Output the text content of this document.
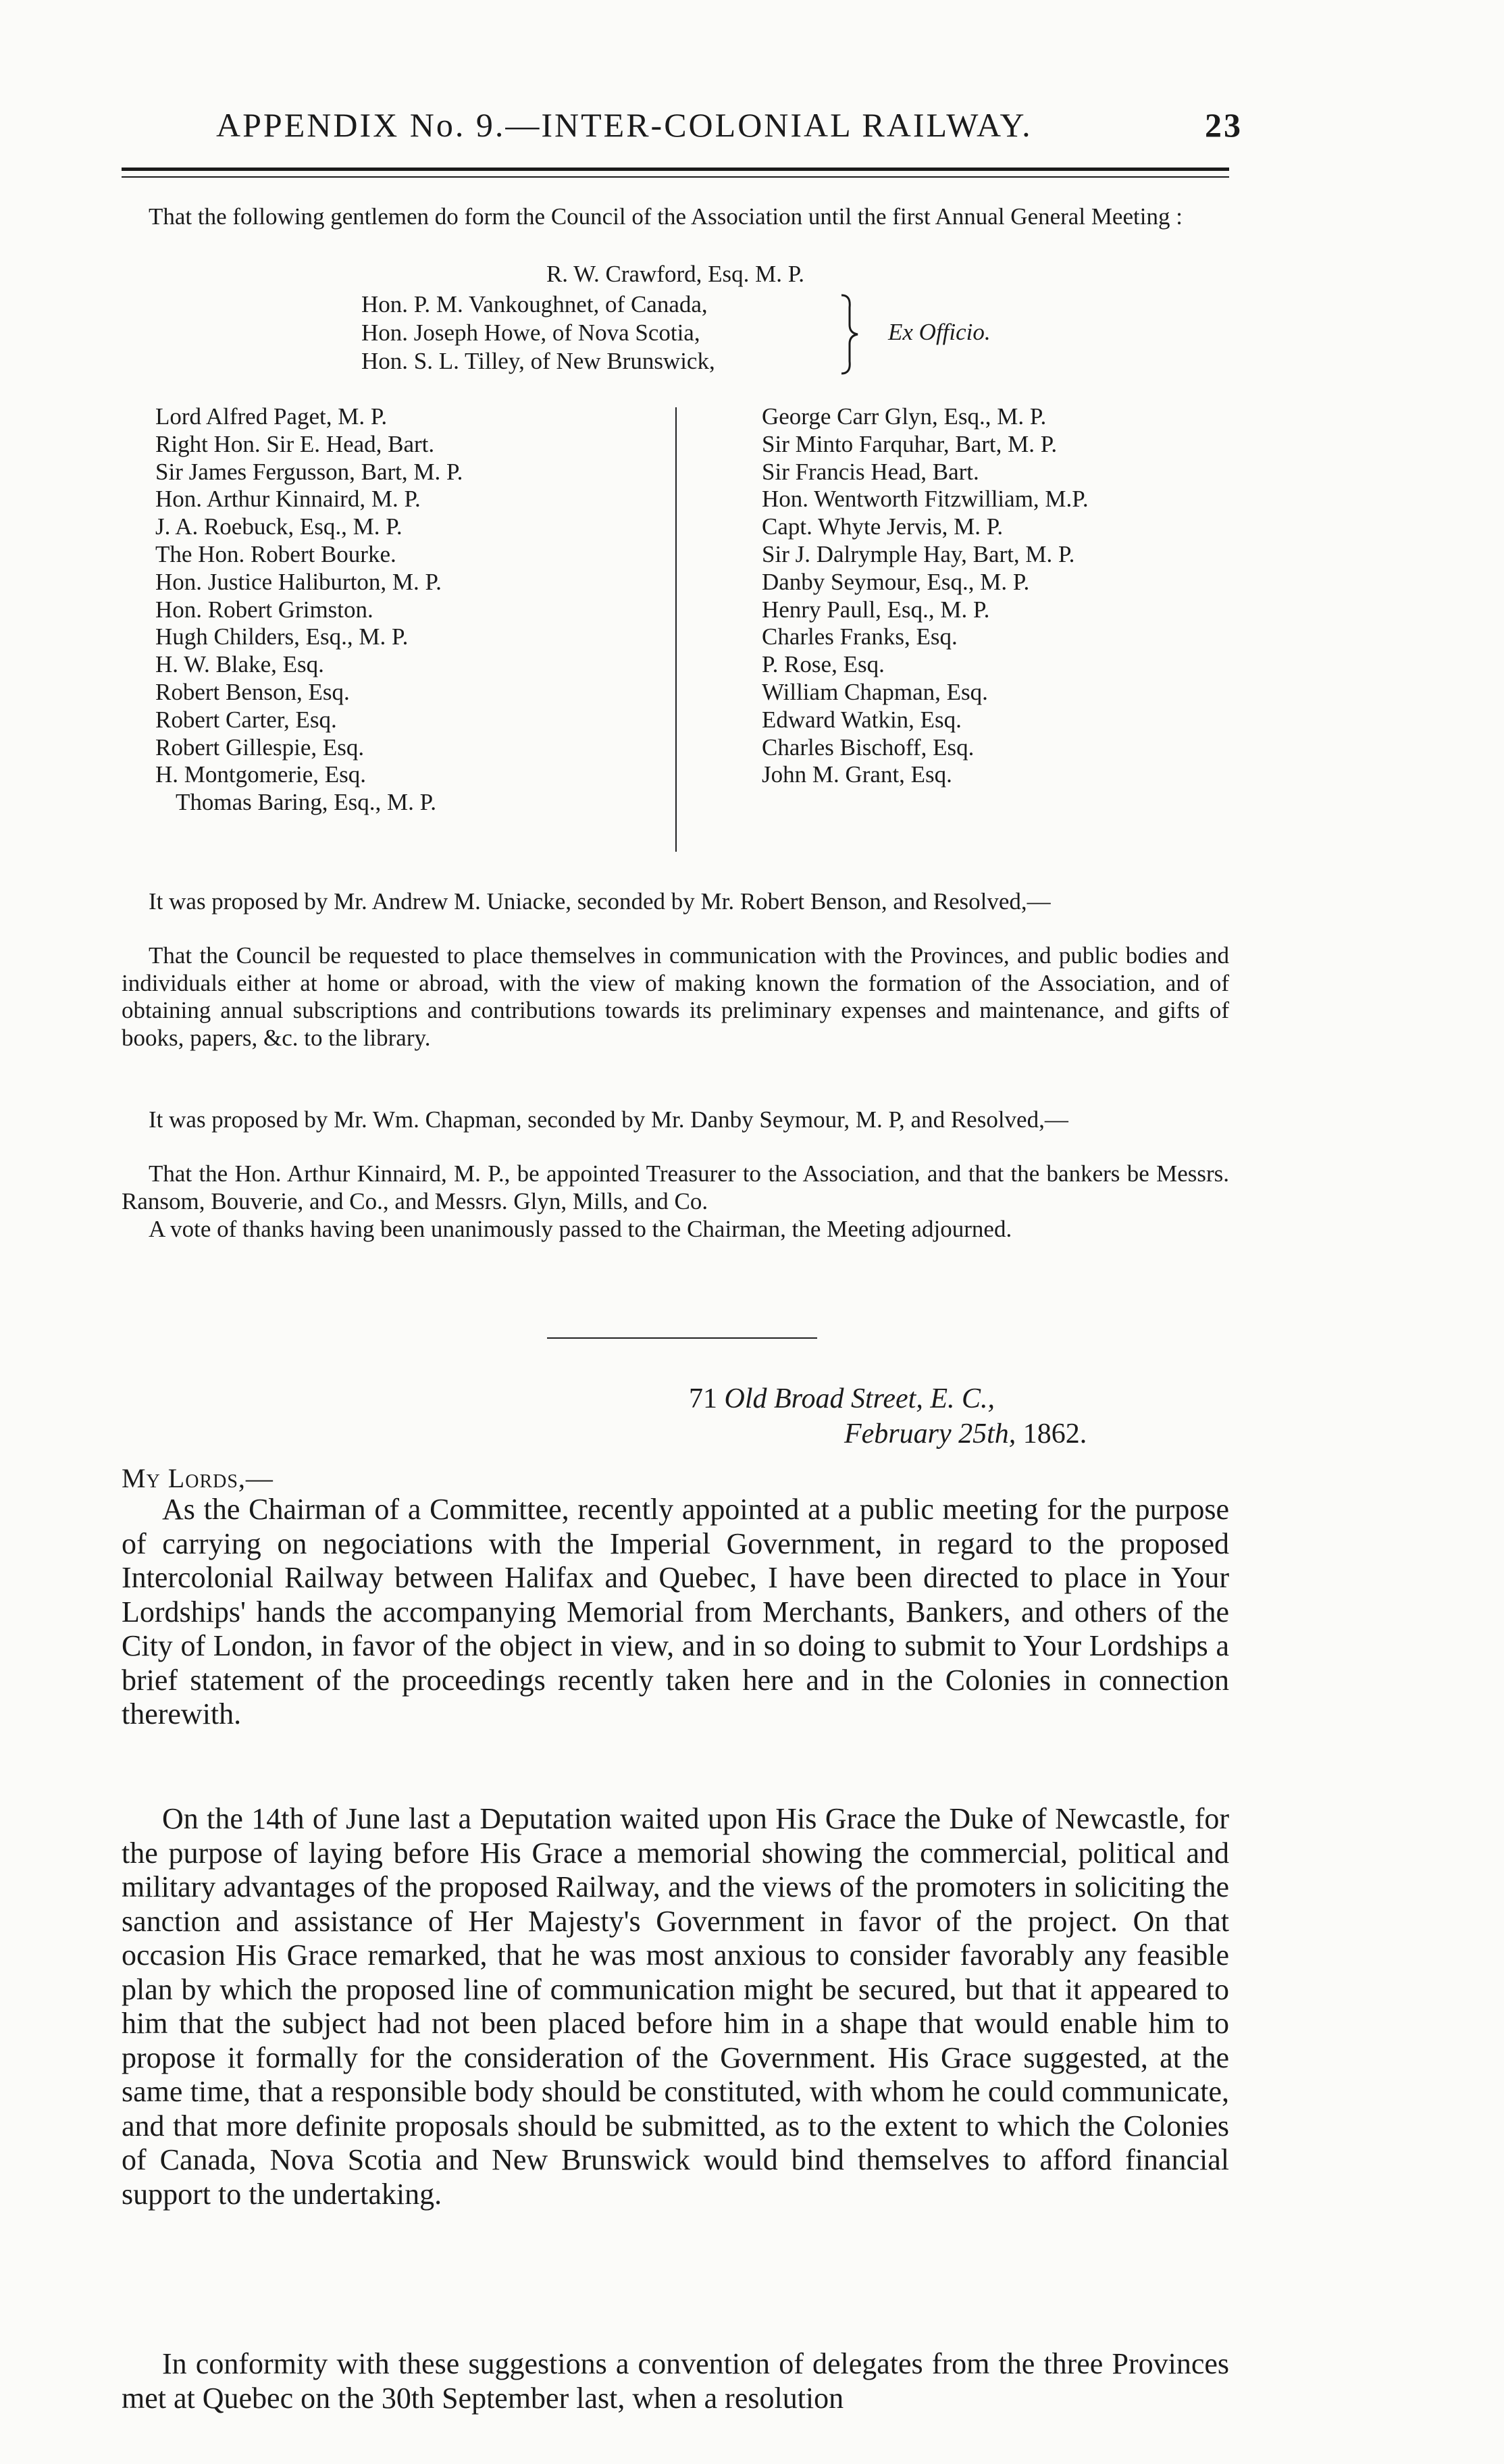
APPENDIX No. 9.—INTER-COLONIAL RAILWAY.	23

That the following gentlemen do form the Council of the Association until the first Annual General Meeting :

R. W. Crawford, Esq. M. P.
Hon. P. M. Vankoughnet, of Canada,
Hon. Joseph Howe, of Nova Scotia,
Hon. S. L. Tilley, of New Brunswick,
Ex Officio.
Lord Alfred Paget, M. P.
Right Hon. Sir E. Head, Bart.
Sir James Fergusson, Bart, M. P.
Hon. Arthur Kinnaird, M. P.
J. A. Roebuck, Esq., M. P.
The Hon. Robert Bourke.
Hon. Justice Haliburton, M. P.
Hon. Robert Grimston.
Hugh Childers, Esq., M. P.
H. W. Blake, Esq.
Robert Benson, Esq.
Robert Carter, Esq.
Robert Gillespie, Esq.
H. Montgomerie, Esq.
Thomas Baring, Esq., M. P.
George Carr Glyn, Esq., M. P.
Sir Minto Farquhar, Bart, M. P.
Sir Francis Head, Bart.
Hon. Wentworth Fitzwilliam, M.P.
Capt. Whyte Jervis, M. P.
Sir J. Dalrymple Hay, Bart, M. P.
Danby Seymour, Esq., M. P.
Henry Paull, Esq., M. P.
Charles Franks, Esq.
P. Rose, Esq.
William Chapman, Esq.
Edward Watkin, Esq.
Charles Bischoff, Esq.
John M. Grant, Esq.

It was proposed by Mr. Andrew M. Uniacke, seconded by Mr. Robert Benson, and Resolved,—

That the Council be requested to place themselves in communication with the Provinces, and public bodies and individuals either at home or abroad, with the view of making known the formation of the Association, and of obtaining annual subscriptions and contributions towards its preliminary expenses and maintenance, and gifts of books, papers, &c. to the library.

It was proposed by Mr. Wm. Chapman, seconded by Mr. Danby Seymour, M. P, and Resolved,—

That the Hon. Arthur Kinnaird, M. P., be appointed Treasurer to the Association, and that the bankers be Messrs. Ransom, Bouverie, and Co., and Messrs. Glyn, Mills, and Co.

A vote of thanks having been unanimously passed to the Chairman, the Meeting adjourned.

71 Old Broad Street, E. C.,
February 25th, 1862.
My Lords,—

As the Chairman of a Committee, recently appointed at a public meeting for the purpose of carrying on negociations with the Imperial Government, in regard to the proposed Intercolonial Railway between Halifax and Quebec, I have been directed to place in Your Lordships' hands the accompanying Memorial from Merchants, Bankers, and others of the City of London, in favor of the object in view, and in so doing to submit to Your Lordships a brief statement of the proceedings recently taken here and in the Colonies in connection therewith.

On the 14th of June last a Deputation waited upon His Grace the Duke of Newcastle, for the purpose of laying before His Grace a memorial showing the commercial, political and military advantages of the proposed Railway, and the views of the promoters in soliciting the sanction and assistance of Her Majesty's Government in favor of the project. On that occasion His Grace remarked, that he was most anxious to consider favorably any feasible plan by which the proposed line of communication might be secured, but that it appeared to him that the subject had not been placed before him in a shape that would enable him to propose it formally for the consideration of the Government. His Grace suggested, at the same time, that a responsible body should be constituted, with whom he could communicate, and that more definite proposals should be submitted, as to the extent to which the Colonies of Canada, Nova Scotia and New Brunswick would bind themselves to afford financial support to the undertaking.

In conformity with these suggestions a convention of delegates from the three Provinces met at Quebec on the 30th September last, when a resolution
